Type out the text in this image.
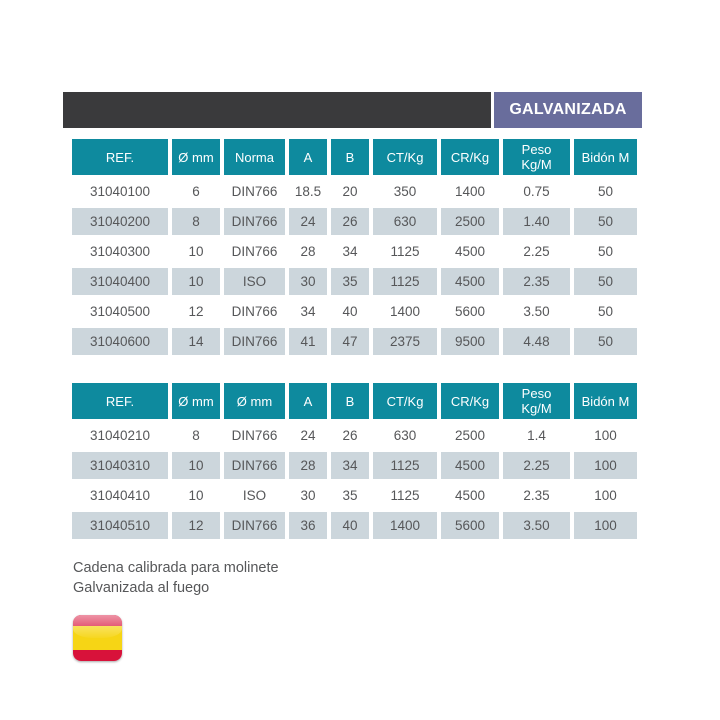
GALVANIZADA
REF.	Ø mm	Norma	A	B	CT/Kg	CR/Kg	Peso Kg/M	Bidón M
31040100	6	DIN766	18.5	20	350	1400	0.75	50
31040200	8	DIN766	24	26	630	2500	1.40	50
31040300	10	DIN766	28	34	1125	4500	2.25	50
31040400	10	ISO	30	35	1125	4500	2.35	50
31040500	12	DIN766	34	40	1400	5600	3.50	50
31040600	14	DIN766	41	47	2375	9500	4.48	50
REF.	Ø mm	Ø mm	A	B	CT/Kg	CR/Kg	Peso Kg/M	Bidón M
31040210	8	DIN766	24	26	630	2500	1.4	100
31040310	10	DIN766	28	34	1125	4500	2.25	100
31040410	10	ISO	30	35	1125	4500	2.35	100
31040510	12	DIN766	36	40	1400	5600	3.50	100
Cadena calibrada para molinete
Galvanizada al fuego
